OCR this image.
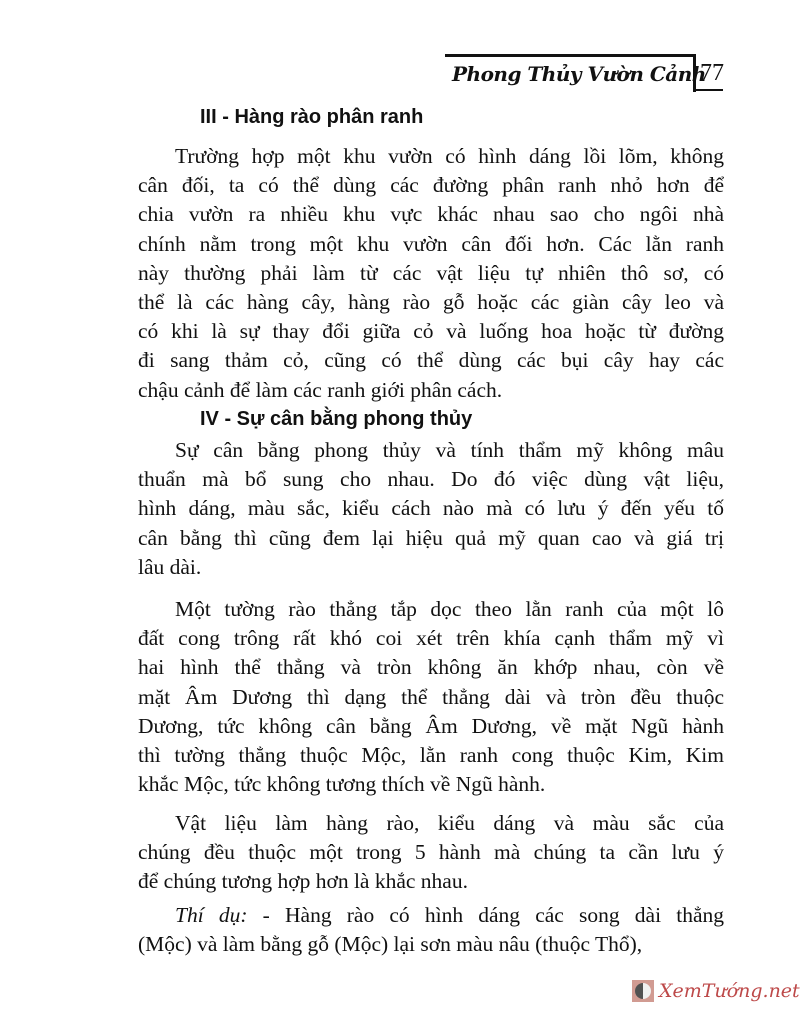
Phong Thủy Vườn Cảnh
77
III - Hàng rào phân ranh
Trường hợp một khu vườn có hình dáng lồi lõm, không
cân đối, ta có thể dùng các đường phân ranh nhỏ hơn để
chia vườn ra nhiều khu vực khác nhau sao cho ngôi nhà
chính nằm trong một khu vườn cân đối hơn. Các lằn ranh
này thường phải làm từ các vật liệu tự nhiên thô sơ, có
thể là các hàng cây, hàng rào gỗ hoặc các giàn cây leo và
có khi là sự thay đổi giữa cỏ và luống hoa hoặc từ đường
đi sang thảm cỏ, cũng có thể dùng các bụi cây hay các
chậu cảnh để làm các ranh giới phân cách.
IV - Sự cân bằng phong thủy
Sự cân bằng phong thủy và tính thẩm mỹ không mâu
thuẩn mà bổ sung cho nhau. Do đó việc dùng vật liệu,
hình dáng, màu sắc, kiểu cách nào mà có lưu ý đến yếu tố
cân bằng thì cũng đem lại hiệu quả mỹ quan cao và giá trị
lâu dài.
Một tường rào thẳng tắp dọc theo lằn ranh của một lô
đất cong trông rất khó coi xét trên khía cạnh thẩm mỹ vì
hai hình thể thẳng và tròn không ăn khớp nhau, còn về
mặt Âm Dương thì dạng thể thẳng dài và tròn đều thuộc
Dương, tức không cân bằng Âm Dương, về mặt Ngũ hành
thì tường thẳng thuộc Mộc, lằn ranh cong thuộc Kim, Kim
khắc Mộc, tức không tương thích về Ngũ hành.
Vật liệu làm hàng rào, kiểu dáng và màu sắc của
chúng đều thuộc một trong 5 hành mà chúng ta cần lưu ý
để chúng tương hợp hơn là khắc nhau.
Thí dụ: - Hàng rào có hình dáng các song dài thẳng
(Mộc) và làm bằng gỗ (Mộc) lại sơn màu nâu (thuộc Thổ),
XemTướng.net
